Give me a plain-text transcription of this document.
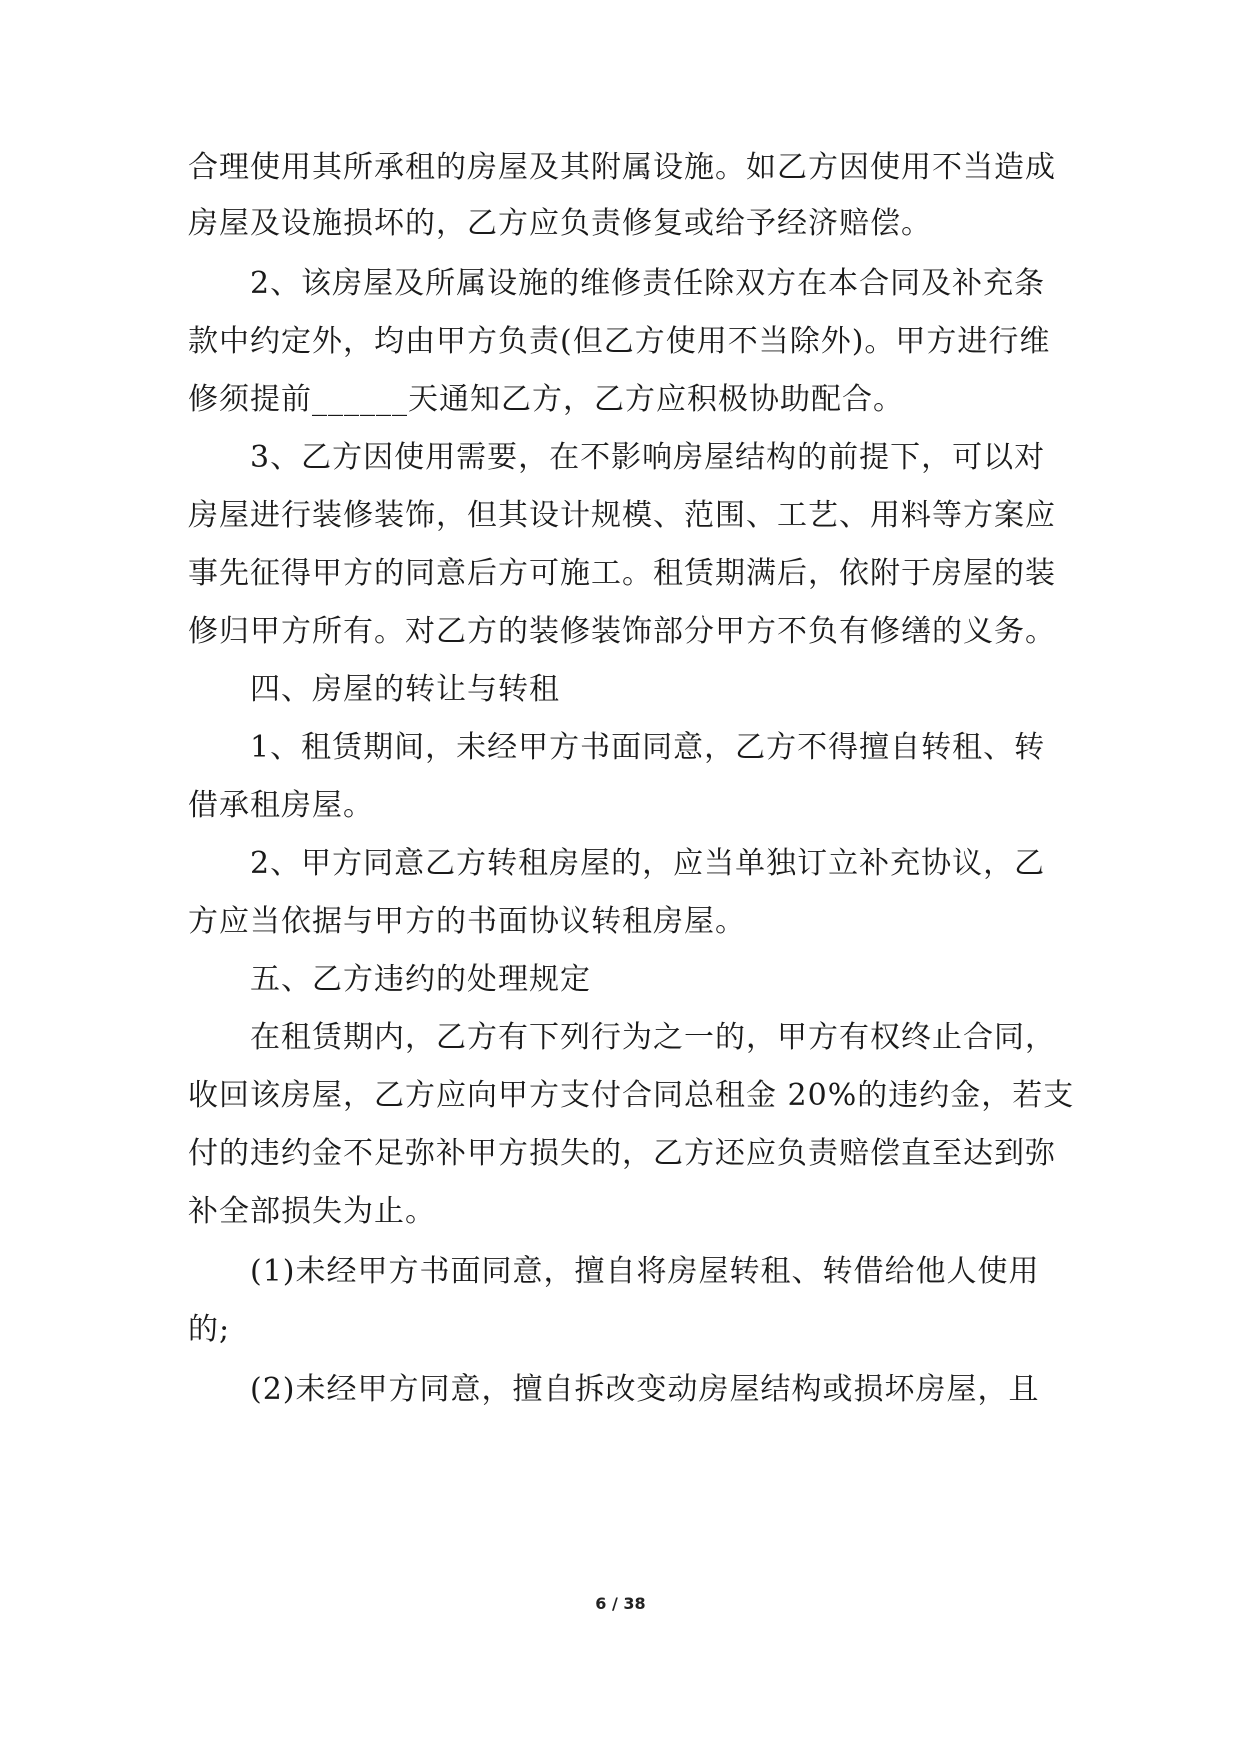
合理使用其所承租的房屋及其附属设施。如乙方因使用不当造成
房屋及设施损坏的，乙方应负责修复或给予经济赔偿。
2、该房屋及所属设施的维修责任除双方在本合同及补充条
款中约定外，均由甲方负责(但乙方使用不当除外)。甲方进行维
修须提前______天通知乙方，乙方应积极协助配合。
3、乙方因使用需要，在不影响房屋结构的前提下，可以对
房屋进行装修装饰，但其设计规模、范围、工艺、用料等方案应
事先征得甲方的同意后方可施工。租赁期满后，依附于房屋的装
修归甲方所有。对乙方的装修装饰部分甲方不负有修缮的义务。
四、房屋的转让与转租
1、租赁期间，未经甲方书面同意，乙方不得擅自转租、转
借承租房屋。
2、甲方同意乙方转租房屋的，应当单独订立补充协议，乙
方应当依据与甲方的书面协议转租房屋。
五、乙方违约的处理规定
在租赁期内，乙方有下列行为之一的，甲方有权终止合同，
收回该房屋，乙方应向甲方支付合同总租金 20%的违约金，若支
付的违约金不足弥补甲方损失的，乙方还应负责赔偿直至达到弥
补全部损失为止。
(1)未经甲方书面同意，擅自将房屋转租、转借给他人使用
的;
(2)未经甲方同意，擅自拆改变动房屋结构或损坏房屋，且
6 / 38
